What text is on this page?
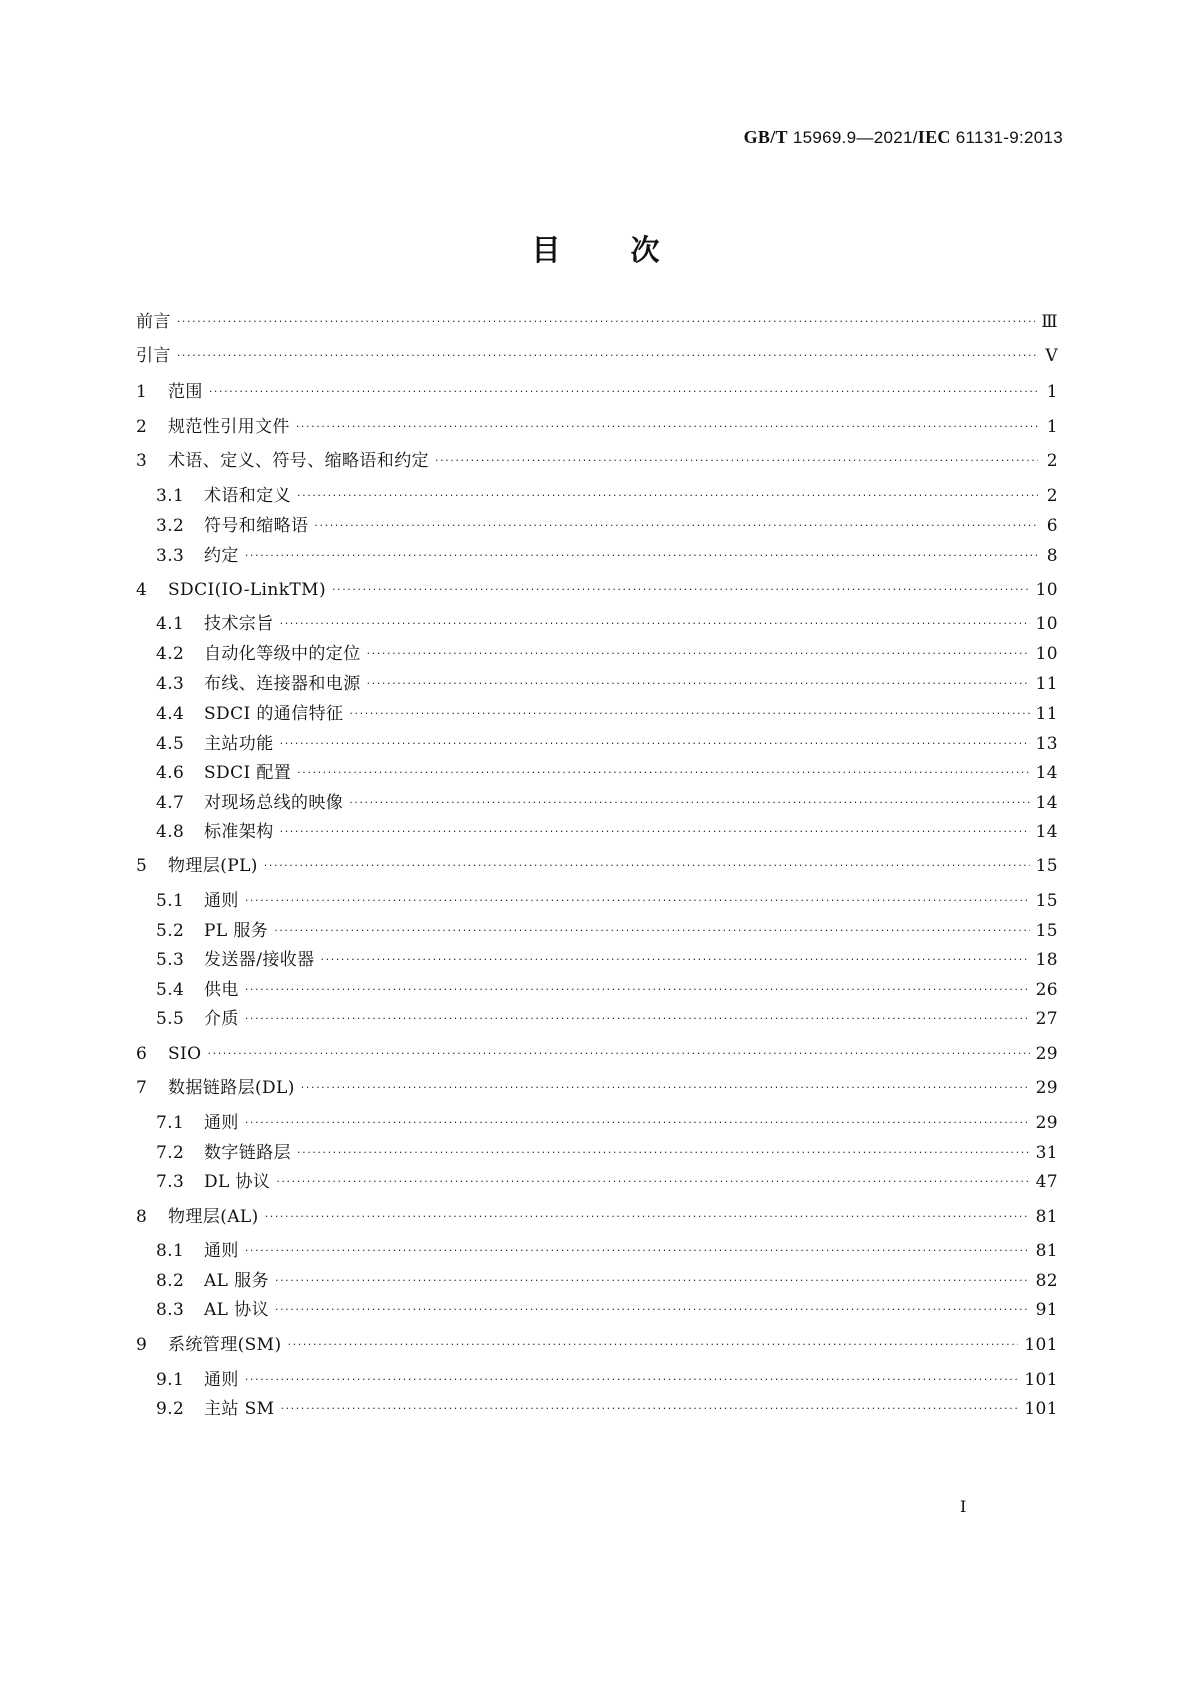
GB/T 15969.9—2021/IEC 61131-9:2013
目 次
前言 ·····	Ⅲ
引言 ·····	Ⅴ
1	范围 ·····	1
2	规范性引用文件 ·····	1
3	术语、定义、符号、缩略语和约定 ·····	2
3.1	术语和定义 ·····	2
3.2	符号和缩略语 ·····	6
3.3	约定 ·····	8
4	SDCI(IO-LinkTM) ·····	10
4.1	技术宗旨 ·····	10
4.2	自动化等级中的定位 ·····	10
4.3	布线、连接器和电源 ·····	11
4.4	SDCI 的通信特征 ·····	11
4.5	主站功能 ·····	13
4.6	SDCI 配置 ·····	14
4.7	对现场总线的映像 ·····	14
4.8	标准架构 ·····	14
5	物理层(PL) ·····	15
5.1	通则 ·····	15
5.2	PL 服务 ·····	15
5.3	发送器/接收器 ·····	18
5.4	供电 ·····	26
5.5	介质 ·····	27
6	SIO ·····	29
7	数据链路层(DL) ·····	29
7.1	通则 ·····	29
7.2	数字链路层 ·····	31
7.3	DL 协议 ·····	47
8	物理层(AL) ·····	81
8.1	通则 ·····	81
8.2	AL 服务 ·····	82
8.3	AL 协议 ·····	91
9	系统管理(SM) ·····	101
9.1	通则 ·····	101
9.2	主站 SM ·····	101
Ⅰ
